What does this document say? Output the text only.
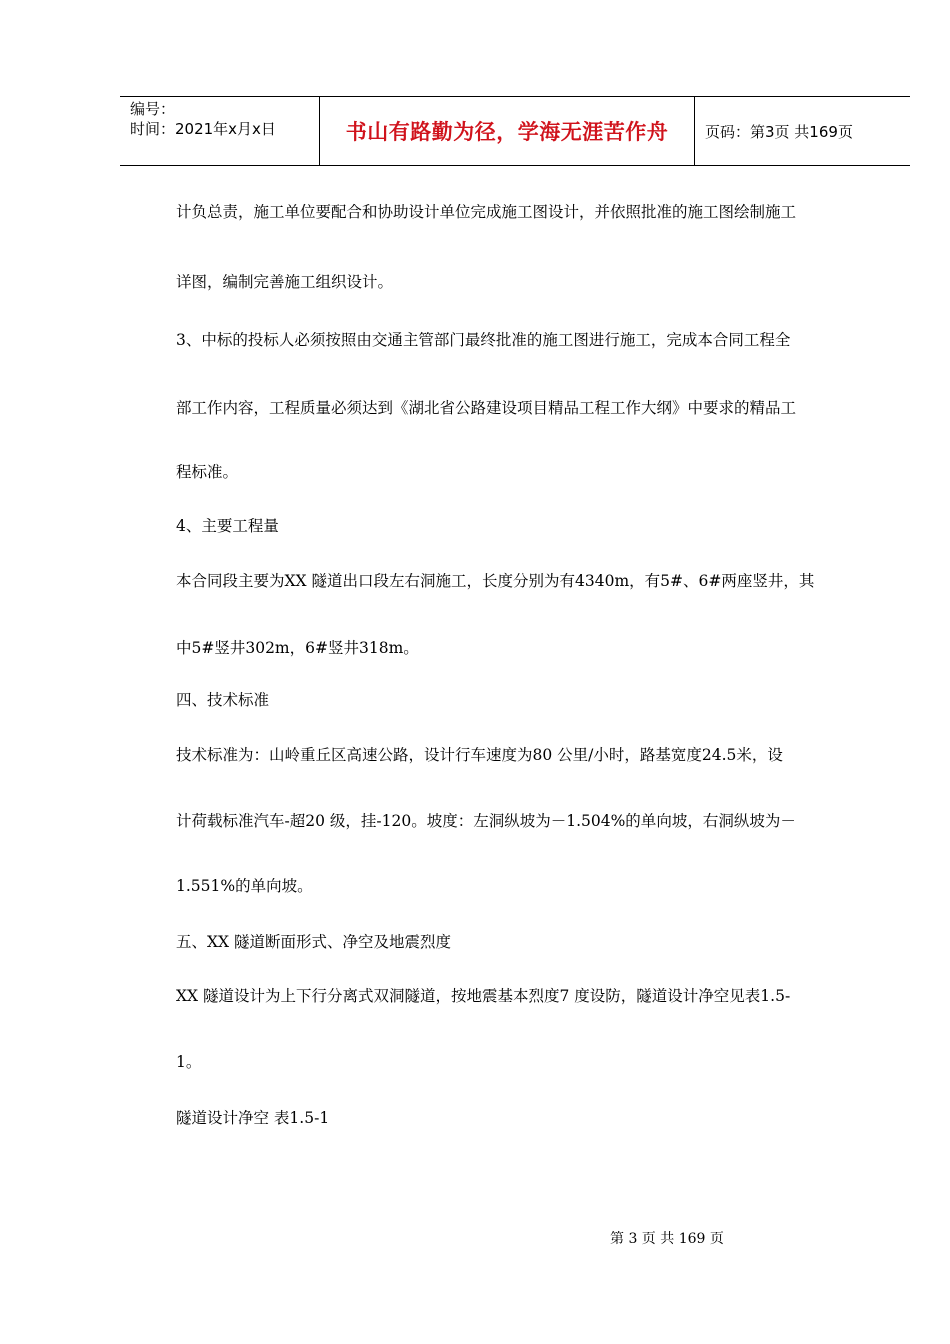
编号：
时间：2021年x月x日	书山有路勤为径，学海无涯苦作舟	页码：第3页 共169页
计负总责，施工单位要配合和协助设计单位完成施工图设计，并依照批准的施工图绘制施工
详图，编制完善施工组织设计。
3、中标的投标人必须按照由交通主管部门最终批准的施工图进行施工，完成本合同工程全
部工作内容，工程质量必须达到《湖北省公路建设项目精品工程工作大纲》中要求的精品工
程标准。
4、主要工程量
本合同段主要为XX 隧道出口段左右洞施工，长度分别为有4340m，有5#、6#两座竖井，其
中5#竖井302m，6#竖井318m。
四、技术标准
技术标准为：山岭重丘区高速公路，设计行车速度为80 公里/小时，路基宽度24.5米，设
计荷载标准汽车-超20 级，挂-120。坡度：左洞纵坡为－1.504%的单向坡，右洞纵坡为－
1.551%的单向坡。
五、XX 隧道断面形式、净空及地震烈度
XX 隧道设计为上下行分离式双洞隧道，按地震基本烈度7 度设防，隧道设计净空见表1.5-
1。
隧道设计净空 表1.5-1
第 3 页 共 169 页
